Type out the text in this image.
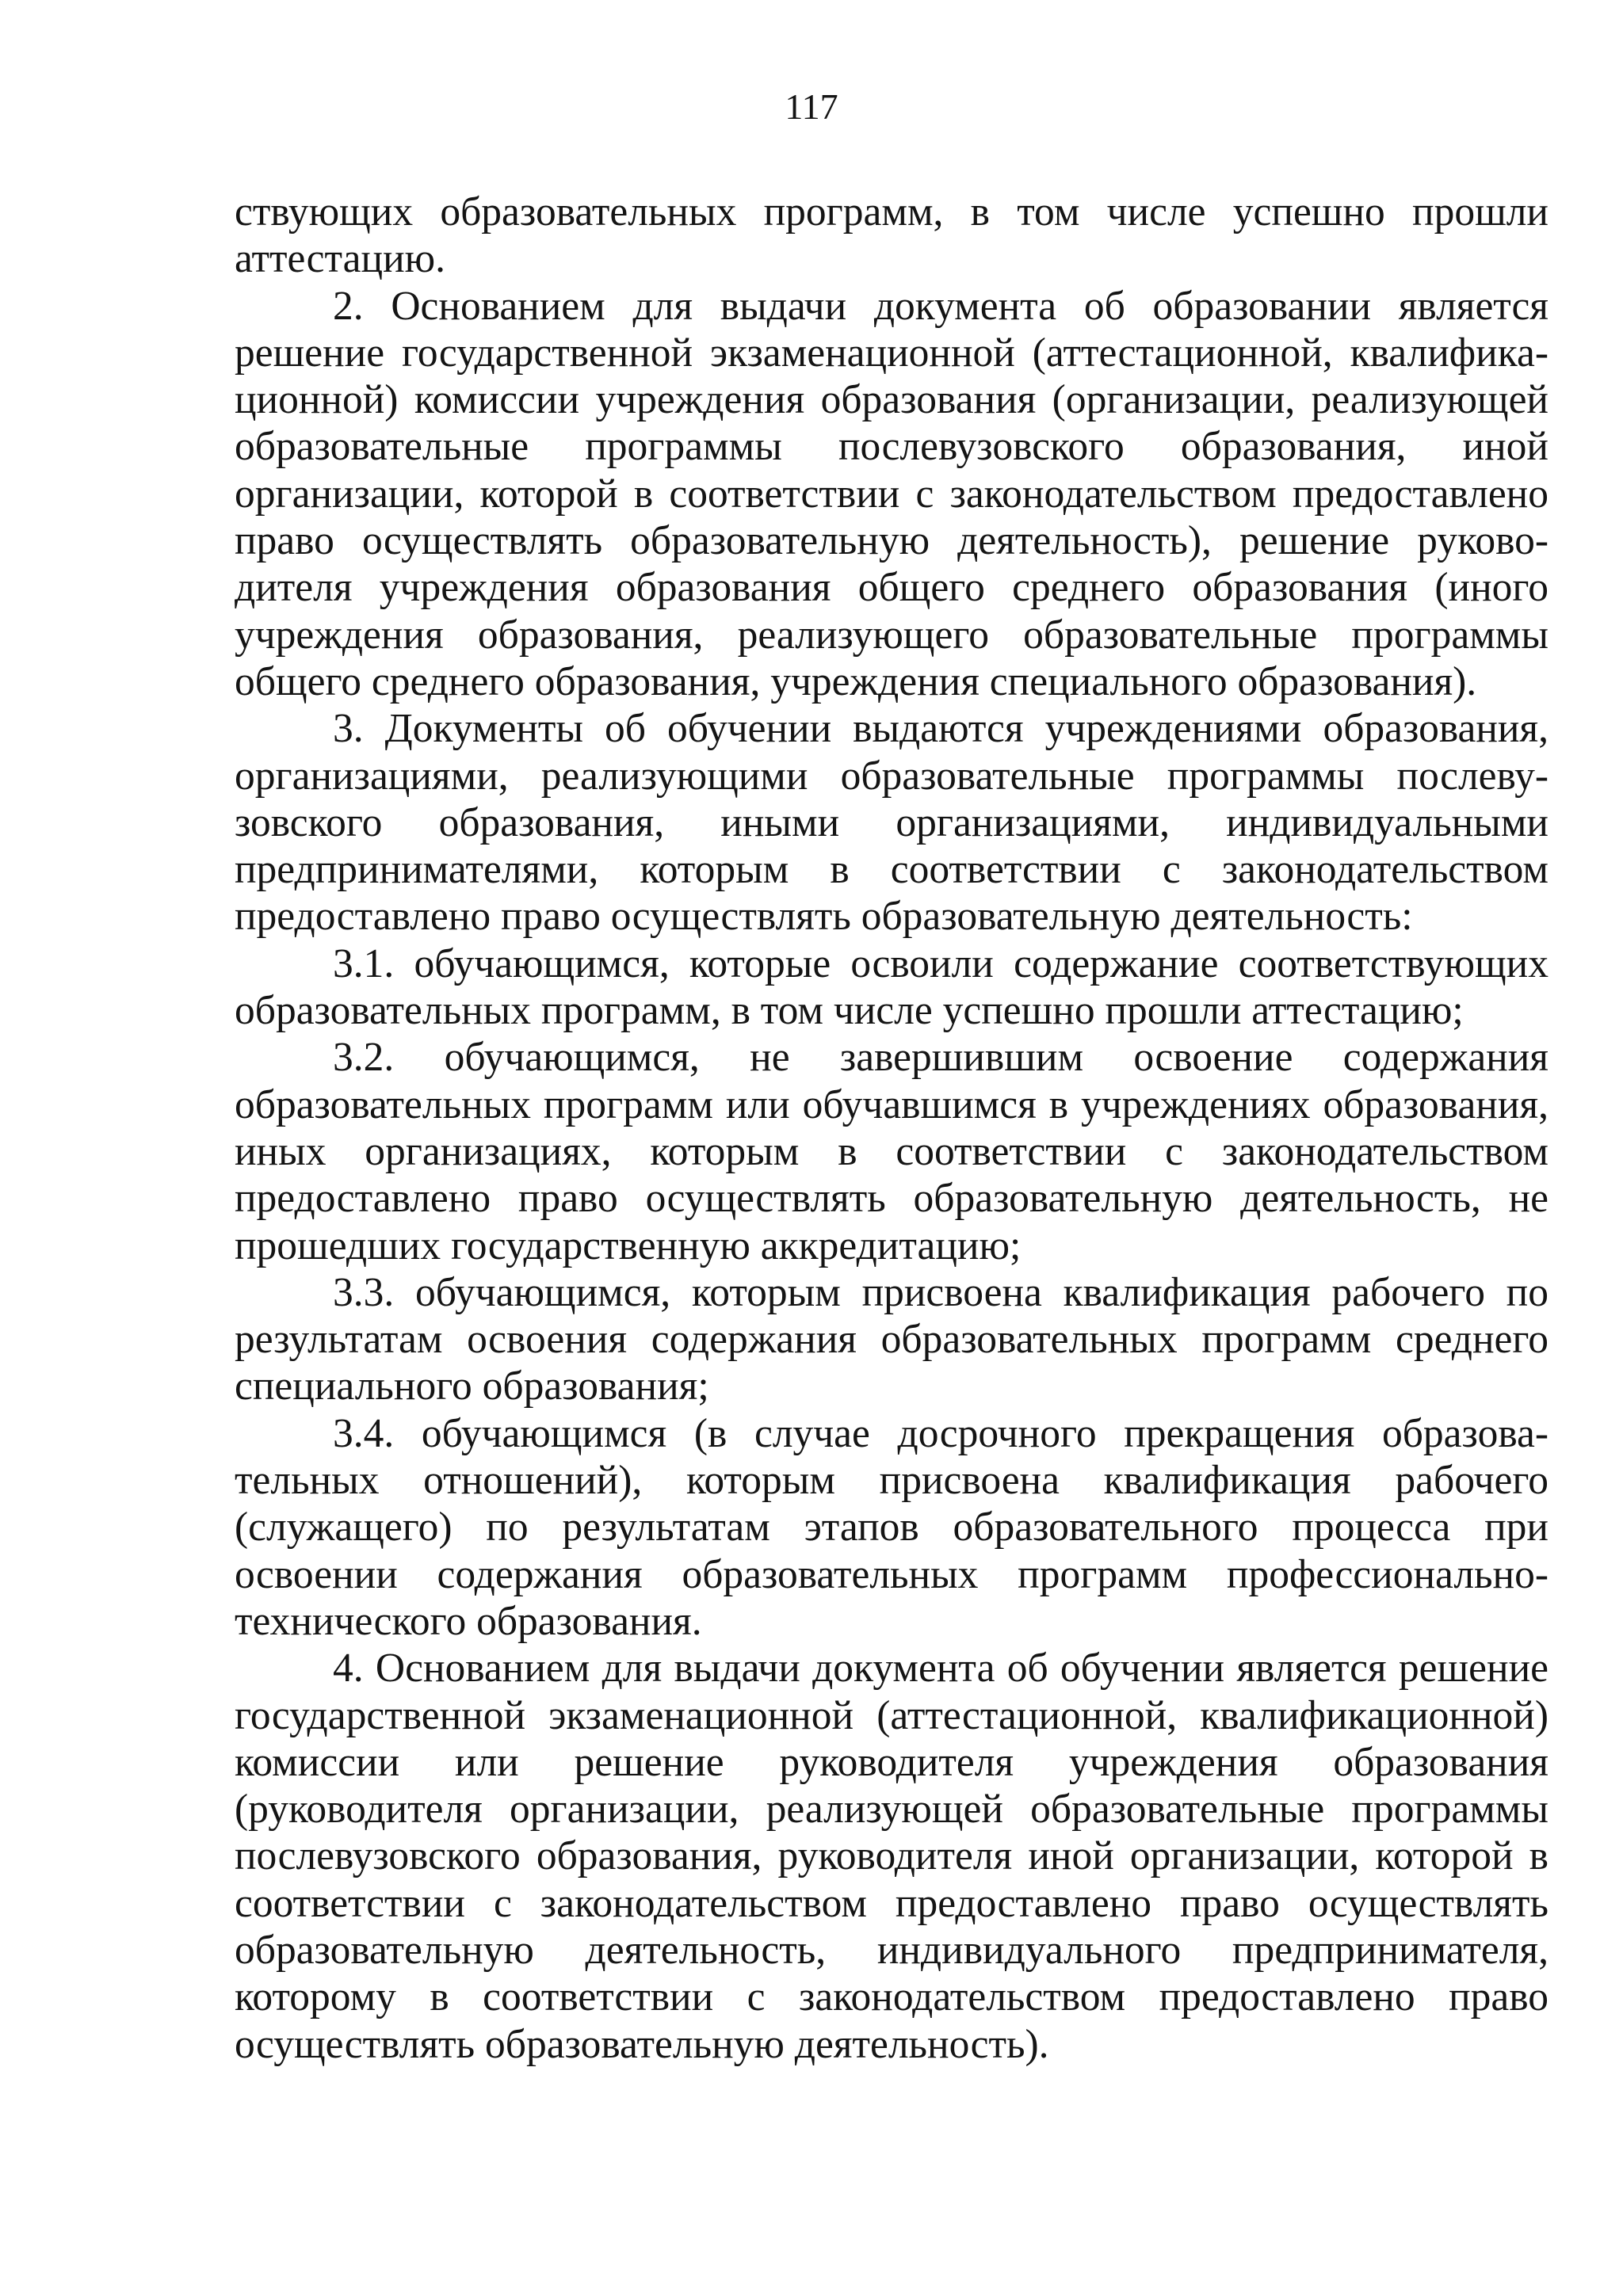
117

ствующих образовательных программ, в том числе успешно прошли аттестацию.

2. Основанием для выдачи документа об образовании является решение государственной экзаменационной (аттестационной, квалификационной) комиссии учреждения образования (организации, реализующей образовательные программы послевузовского образования, иной организации, которой в соответствии с законодательством предоставлено право осуществлять образовательную деятельность), решение руководителя учреждения образования общего среднего образования (иного учреждения образования, реализующего образовательные программы общего среднего образования, учреждения специального образования).

3. Документы об обучении выдаются учреждениями образования, организациями, реализующими образовательные программы послевузовского образования, иными организациями, индивидуальными предпринимателями, которым в соответствии с законодательством предоставлено право осуществлять образовательную деятельность:

3.1. обучающимся, которые освоили содержание соответствующих образовательных программ, в том числе успешно прошли аттестацию;

3.2. обучающимся, не завершившим освоение содержания образовательных программ или обучавшимся в учреждениях образования, иных организациях, которым в соответствии с законодательством предоставлено право осуществлять образовательную деятельность, не прошедших государственную аккредитацию;

3.3. обучающимся, которым присвоена квалификация рабочего по результатам освоения содержания образовательных программ среднего специального образования;

3.4. обучающимся (в случае досрочного прекращения образовательных отношений), которым присвоена квалификация рабочего (служащего) по результатам этапов образовательного процесса при освоении содержания образовательных программ профессионально-технического образования.

4. Основанием для выдачи документа об обучении является решение государственной экзаменационной (аттестационной, квалификационной) комиссии или решение руководителя учреждения образования (руководителя организации, реализующей образовательные программы послевузовского образования, руководителя иной организации, которой в соответствии с законодательством предоставлено право осуществлять образовательную деятельность, индивидуального предпринимателя, которому в соответствии с законодательством предоставлено право осуществлять образовательную деятельность).
